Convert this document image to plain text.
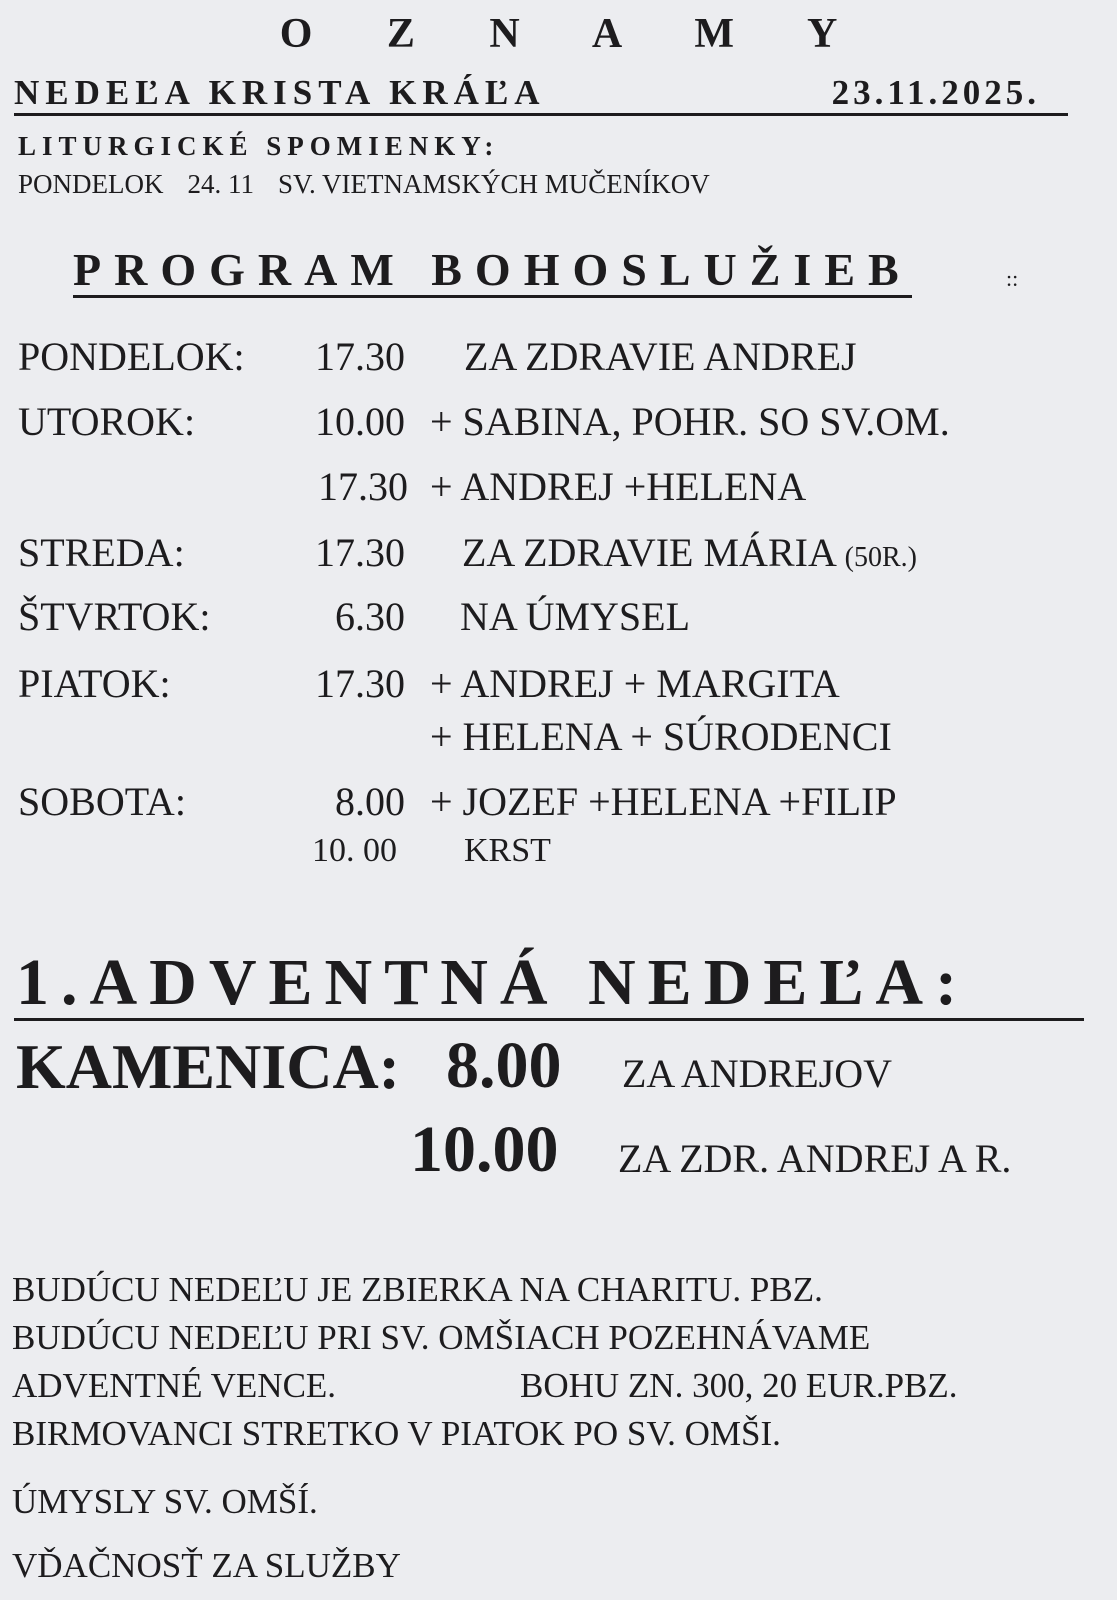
O Z N A M Y
NEDEĽA KRISTA KRÁĽA	23.11.2025.
LITURGICKÉ SPOMIENKY:
PONDELOK 24. 11 SV. VIETNAMSKÝCH MUČENÍKOV
PROGRAM BOHOSLUŽIEB	::
PONDELOK:	17.30 ZA ZDRAVIE ANDREJ
UTOROK:	10.00 + SABINA, POHR. SO SV.OM.
17.30 + ANDREJ +HELENA
STREDA:	17.30 ZA ZDRAVIE MÁRIA (50R.)
ŠTVRTOK:	6.30 NA ÚMYSEL
PIATOK:	17.30 + ANDREJ + MARGITA
+ HELENA + SÚRODENCI
SOBOTA:	8.00 + JOZEF +HELENA +FILIP
10. 00 KRST
1.ADVENTNÁ NEDEĽA:
KAMENICA: 8.00 ZA ANDREJOV
10.00 ZA ZDR. ANDREJ A R.
BUDÚCU NEDEĽU JE ZBIERKA NA CHARITU. PBZ.
BUDÚCU NEDEĽU PRI SV. OMŠIACH POZEHNÁVAME
ADVENTNÉ VENCE.	BOHU ZN. 300, 20 EUR.PBZ.
BIRMOVANCI STRETKO V PIATOK PO SV. OMŠI.
ÚMYSLY SV. OMŠÍ.
VĎAČNOSŤ ZA SLUŽBY
